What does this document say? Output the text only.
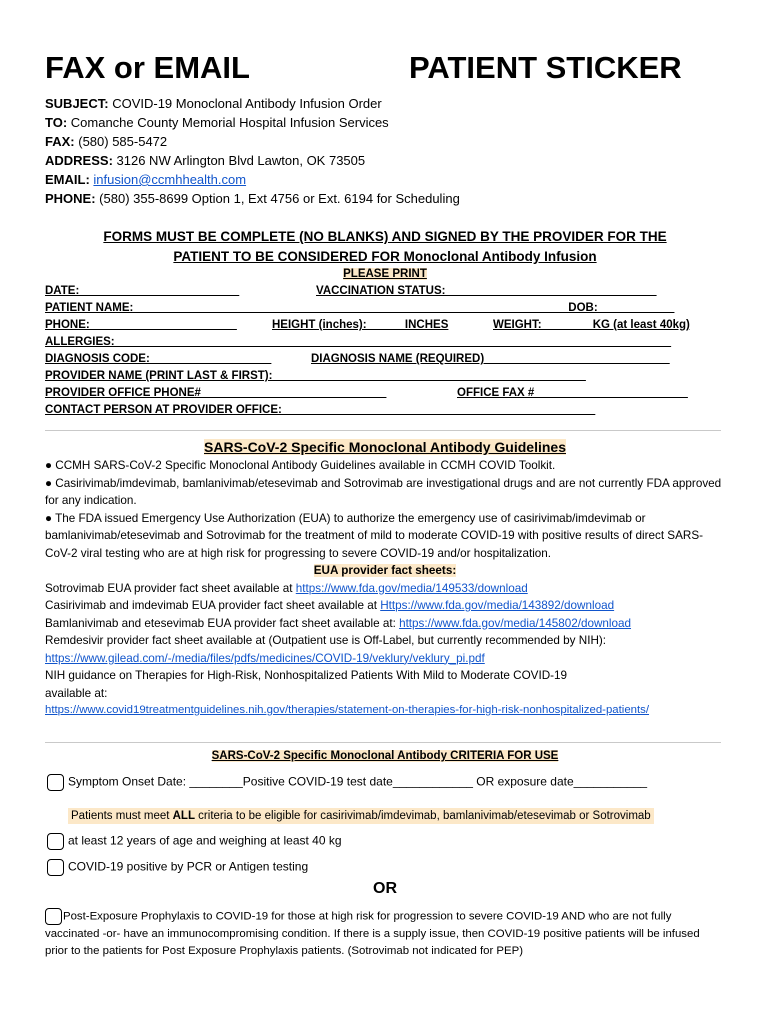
FAX or EMAIL	PATIENT STICKER
SUBJECT: COVID-19 Monoclonal Antibody Infusion Order
TO: Comanche County Memorial Hospital Infusion Services
FAX: (580) 585-5472
ADDRESS: 3126 NW Arlington Blvd Lawton, OK 73505
EMAIL: infusion@ccmhhealth.com
PHONE: (580) 355-8699 Option 1, Ext 4756 or Ext. 6194 for Scheduling
FORMS MUST BE COMPLETE (NO BLANKS) AND SIGNED BY THE PROVIDER FOR THE
PATIENT TO BE CONSIDERED FOR Monoclonal Antibody Infusion
PLEASE PRINT
DATE:_________________________	VACCINATION STATUS:_________________________________
PATIENT NAME:____________________________________________________________________DOB:____________
PHONE:_______________________	HEIGHT (inches):______INCHES	WEIGHT:________KG (at least 40kg)
ALLERGIES:_______________________________________________________________________________________
DIAGNOSIS CODE:___________________	DIAGNOSIS NAME (REQUIRED)_____________________________
PROVIDER NAME (PRINT LAST & FIRST):_________________________________________________
PROVIDER OFFICE PHONE#_____________________________	OFFICE FAX #________________________
CONTACT PERSON AT PROVIDER OFFICE:_________________________________________________
SARS-CoV-2 Specific Monoclonal Antibody Guidelines
● CCMH SARS-CoV-2 Specific Monoclonal Antibody Guidelines available in CCMH COVID Toolkit.
● Casirivimab/imdevimab, bamlanivimab/etesevimab and Sotrovimab are investigational drugs and are not currently FDA approved for any indication.
● The FDA issued Emergency Use Authorization (EUA) to authorize the emergency use of casirivimab/imdevimab or bamlanivimab/etesevimab and Sotrovimab for the treatment of mild to moderate COVID-19 with positive results of direct SARS-CoV-2 viral testing who are at high risk for progressing to severe COVID-19 and/or hospitalization.
EUA provider fact sheets:
Sotrovimab EUA provider fact sheet available at https://www.fda.gov/media/149533/download
Casirivimab and imdevimab EUA provider fact sheet available at Https://www.fda.gov/media/143892/download
Bamlanivimab and etesevimab EUA provider fact sheet available at: https://www.fda.gov/media/145802/download
Remdesivir provider fact sheet available at (Outpatient use is Off-Label, but currently recommended by NIH):
https://www.gilead.com/-/media/files/pdfs/medicines/COVID-19/veklury/veklury_pi.pdf
NIH guidance on Therapies for High-Risk, Nonhospitalized Patients With Mild to Moderate COVID-19
available at:
https://www.covid19treatmentguidelines.nih.gov/therapies/statement-on-therapies-for-high-risk-nonhospitalized-patients/
SARS-CoV-2 Specific Monoclonal Antibody CRITERIA FOR USE
Symptom Onset Date: ________Positive COVID-19 test date____________ OR exposure date___________
Patients must meet ALL criteria to be eligible for casirivimab/imdevimab, bamlanivimab/etesevimab or Sotrovimab
at least 12 years of age and weighing at least 40 kg
COVID-19 positive by PCR or Antigen testing
OR
Post-Exposure Prophylaxis to COVID-19 for those at high risk for progression to severe COVID-19 AND who are not fully vaccinated -or- have an immunocompromising condition. If there is a supply issue, then COVID-19 positive patients will be infused prior to the patients for Post Exposure Prophylaxis patients. (Sotrovimab not indicated for PEP)
